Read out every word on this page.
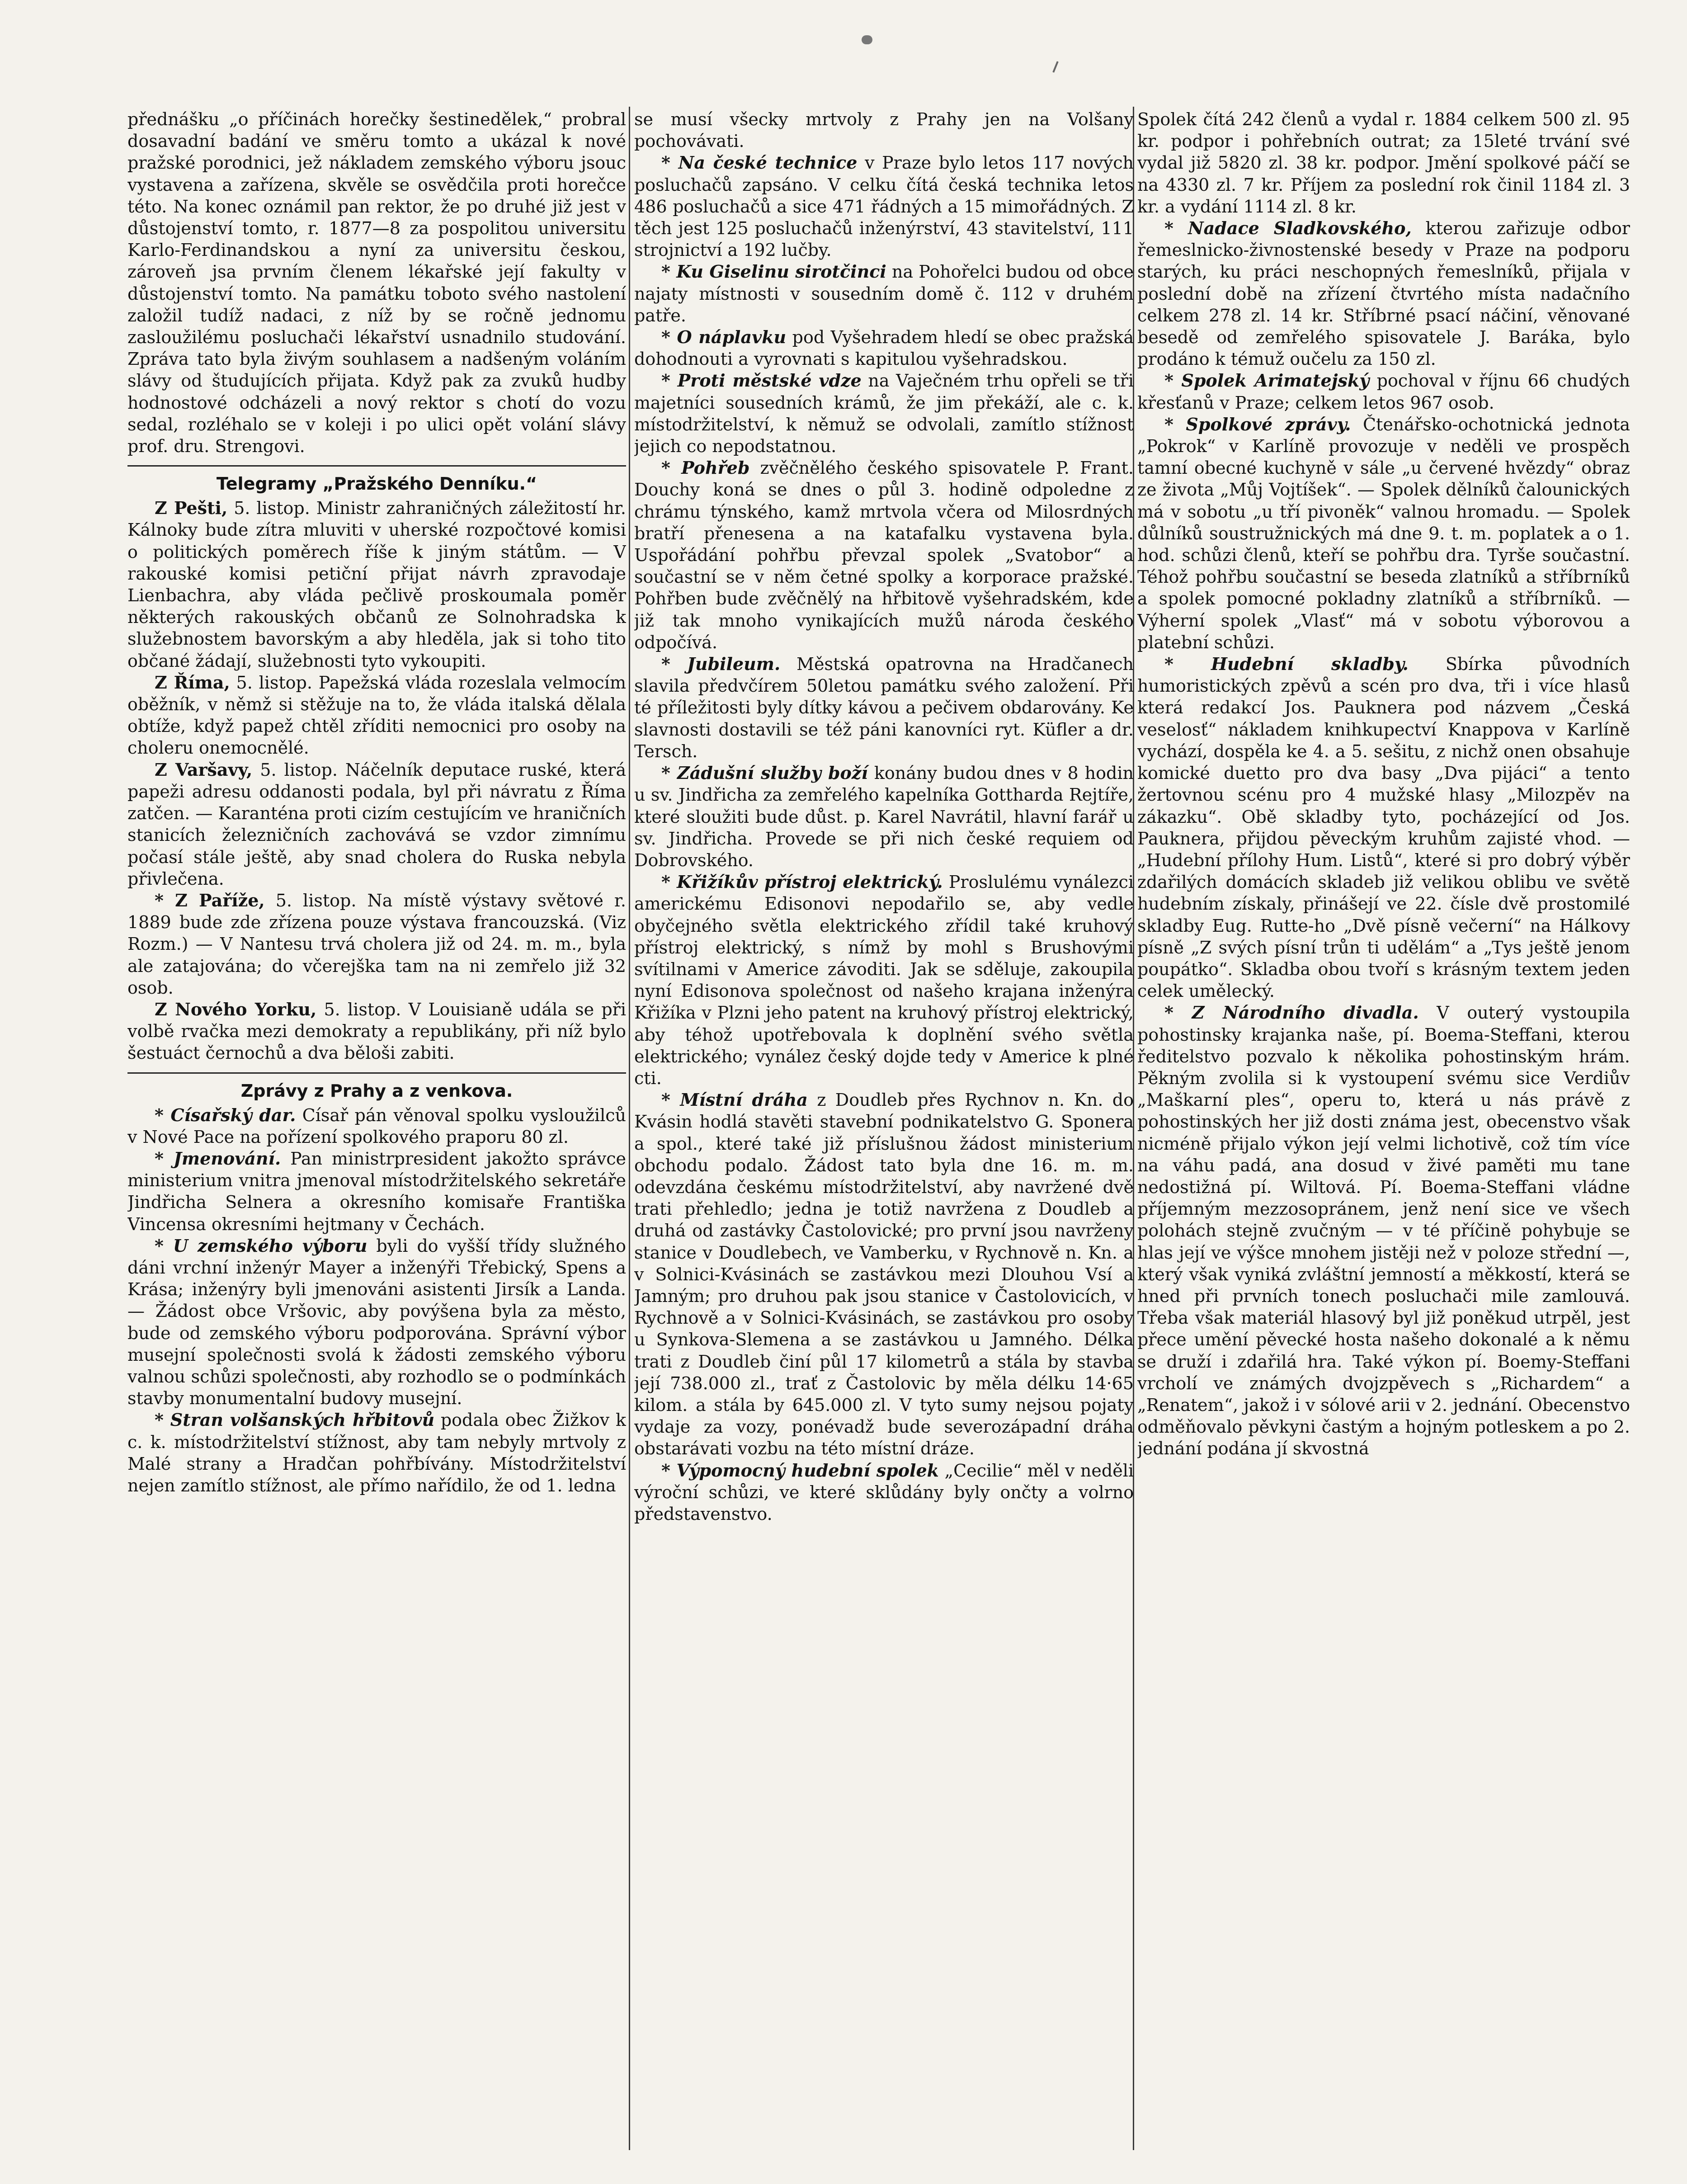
přednášku „o příčinách horečky šestinedělek,“ probral dosavadní badání ve směru tomto a ukázal k nové pražské porodnici, jež nákladem zemského výboru jsouc vystavena a zařízena, skvěle se osvědčila proti horečce této. Na konec oznámil pan rektor, že po druhé již jest v důstojenství tomto, r. 1877—8 za pospolitou universitu Karlo-Ferdinandskou a nyní za universitu českou, zároveň jsa prvním členem lékařské její fakulty v důstojenství tomto. Na památku toboto svého nastolení založil tudíž nadaci, z níž by se ročně jednomu zasloužilému posluchači lékařství usnadnilo studování. Zpráva tato byla živým souhlasem a nadšeným voláním slávy od študujících přijata. Když pak za zvuků hudby hodnostové odcházeli a nový rektor s chotí do vozu sedal, rozléhalo se v koleji i po ulici opět volání slávy prof. dru. Strengovi.

Telegramy „Pražského Denníku.“

Z Pešti, 5. listop. Ministr zahraničných záležitostí hr. Kálnoky bude zítra mluviti v uherské rozpočtové komisi o politických poměrech říše k jiným státům. — V rakouské komisi petiční přijat návrh zpravodaje Lienbachra, aby vláda pečlivě proskoumala poměr některých rakouských občanů ze Solnohradska k služebnostem bavorským a aby hleděla, jak si toho tito občané žádají, služebnosti tyto vykoupiti.

Z Říma, 5. listop. Papežská vláda rozeslala velmocím oběžník, v němž si stěžuje na to, že vláda italská dělala obtíže, když papež chtěl zříditi nemocnici pro osoby na choleru onemocnělé.

Z Varšavy, 5. listop. Náčelník deputace ruské, která papeži adresu oddanosti podala, byl při návratu z Říma zatčen. — Karanténa proti cizím cestujícím ve hraničních stanicích železničních zachovává se vzdor zimnímu počasí stále ještě, aby snad cholera do Ruska nebyla přivlečena.

* Z Paříže, 5. listop. Na místě výstavy světové r. 1889 bude zde zřízena pouze výstava francouzská. (Viz Rozm.) — V Nantesu trvá cholera již od 24. m. m., byla ale zatajována; do včerejška tam na ni zemřelo již 32 osob.

Z Nového Yorku, 5. listop. V Louisianě udála se při volbě rvačka mezi demokraty a republikány, při níž bylo šestuáct černochů a dva běloši zabiti.

Zprávy z Prahy a z venkova.

* Císařský dar. Císař pán věnoval spolku vysloužilců v Nové Pace na pořízení spolkového praporu 80 zl.

* Jmenování. Pan ministrpresident jakožto správce ministerium vnitra jmenoval místodržitelského sekretáře Jindřicha Selnera a okresního komisaře Františka Vincensa okresními hejtmany v Čechách.

* U zemského výboru byli do vyšší třídy služného dáni vrchní inženýr Mayer a inženýři Třebický, Spens a Krása; inženýry byli jmenováni asistenti Jirsík a Landa. — Žádost obce Vršovic, aby povýšena byla za město, bude od zemského výboru podporována. Správní výbor musejní společnosti svolá k žádosti zemského výboru valnou schůzi společnosti, aby rozhodlo se o podmínkách stavby monumentalní budovy musejní.

* Stran volšanských hřbitovů podala obec Žižkov k c. k. místodržitelství stížnost, aby tam nebyly mrtvoly z Malé strany a Hradčan pohřbívány. Místodržitelství nejen zamítlo stížnost, ale přímo nařídilo, že od 1. ledna

se musí všecky mrtvoly z Prahy jen na Volšany pochovávati.

* Na české technice v Praze bylo letos 117 nových posluchačů zapsáno. V celku čítá česká technika letos 486 posluchačů a sice 471 řádných a 15 mimořádných. Z těch jest 125 posluchačů inženýrství, 43 stavitelství, 111 strojnictví a 192 lučby.

* Ku Giselinu sirotčinci na Pohořelci budou od obce najaty místnosti v sousedním domě č. 112 v druhém patře.

* O náplavku pod Vyšehradem hledí se obec pražská dohodnouti a vyrovnati s kapitulou vyšehradskou.

* Proti městské vdze na Vaječném trhu opřeli se tři majetníci sousedních krámů, že jim překáží, ale c. k. místodržitelství, k němuž se odvolali, zamítlo stížnost jejich co nepodstatnou.

* Pohřeb zvěčnělého českého spisovatele P. Frant. Douchy koná se dnes o půl 3. hodině odpoledne z chrámu týnského, kamž mrtvola včera od Milosrdných bratří přenesena a na katafalku vystavena byla. Uspořádání pohřbu převzal spolek „Svatobor“ a součastní se v něm četné spolky a korporace pražské. Pohřben bude zvěčnělý na hřbitově vyšehradském, kde již tak mnoho vynikajících mužů národa českého odpočívá.

* Jubileum. Městská opatrovna na Hradčanech slavila předvčírem 50letou památku svého založení. Při té příležitosti byly dítky kávou a pečivem obdarovány. Ke slavnosti dostavili se též páni kanovníci ryt. Küfler a dr. Tersch.

* Zádušní služby boží konány budou dnes v 8 hodin u sv. Jindřicha za zemřelého kapelníka Gottharda Rejtíře, které sloužiti bude důst. p. Karel Navrátil, hlavní farář u sv. Jindřicha. Provede se při nich české requiem od Dobrovského.

* Křižíkův přístroj elektrický. Proslulému vynálezci americkému Edisonovi nepodařilo se, aby vedle obyčejného světla elektrického zřídil také kruhový přístroj elektrický, s nímž by mohl s Brushovými svítilnami v Americe závoditi. Jak se sděluje, zakoupila nyní Edisonova společnost od našeho krajana inženýra Křižíka v Plzni jeho patent na kruhový přístroj elektrický, aby téhož upotřebovala k doplnění svého světla elektrického; vynález český dojde tedy v Americe k plné cti.

* Místní dráha z Doudleb přes Rychnov n. Kn. do Kvásin hodlá stavěti stavební podnikatelstvo G. Sponera a spol., které také již příslušnou žádost ministerium obchodu podalo. Žádost tato byla dne 16. m. m. odevzdána českému místodržitelství, aby navržené dvě trati přehledlo; jedna je totiž navržena z Doudleb a druhá od zastávky Častolovické; pro první jsou navrženy stanice v Doudlebech, ve Vamberku, v Rychnově n. Kn. a v Solnici-Kvásinách se zastávkou mezi Dlouhou Vsí a Jamným; pro druhou pak jsou stanice v Častolovicích, v Rychnově a v Solnici-Kvásinách, se zastávkou pro osoby u Synkova-Slemena a se zastávkou u Jamného. Délka trati z Doudleb činí půl 17 kilometrů a stála by stavba její 738.000 zl., trať z Častolovic by měla délku 14·65 kilom. a stála by 645.000 zl. V tyto sumy nejsou pojaty vydaje za vozy, ponévadž bude severozápadní dráha obstarávati vozbu na této místní dráze.

* Výpomocný hudební spolek „Cecilie“ měl v neděli výroční schůzi, ve které sklůdány byly ončty a volrno představenstvo.

Spolek čítá 242 členů a vydal r. 1884 celkem 500 zl. 95 kr. podpor i pohřebních outrat; za 15leté trvání své vydal již 5820 zl. 38 kr. podpor. Jmění spolkové páčí se na 4330 zl. 7 kr. Příjem za poslední rok činil 1184 zl. 3 kr. a vydání 1114 zl. 8 kr.

* Nadace Sladkovského, kterou zařizuje odbor řemeslnicko-živnostenské besedy v Praze na podporu starých, ku práci neschopných řemeslníků, přijala v poslední době na zřízení čtvrtého místa nadačního celkem 278 zl. 14 kr. Stříbrné psací náčiní, věnované besedě od zemřelého spisovatele J. Baráka, bylo prodáno k témuž oučelu za 150 zl.

* Spolek Arimatejský pochoval v říjnu 66 chudých křesťanů v Praze; celkem letos 967 osob.

* Spolkové zprávy. Čtenářsko-ochotnická jednota „Pokrok“ v Karlíně provozuje v neděli ve prospěch tamní obecné kuchyně v sále „u červené hvězdy“ obraz ze života „Můj Vojtíšek“. — Spolek dělníků čalounických má v sobotu „u tří pivoněk“ valnou hromadu. — Spolek důlníků soustružnických má dne 9. t. m. poplatek a o 1. hod. schůzi členů, kteří se pohřbu drа. Tyrše součastní. Téhož pohřbu součastní se beseda zlatníků a stříbrníků a spolek pomocné pokladny zlatníků a stříbrníků. — Výherní spolek „Vlasť“ má v sobotu výborovou a platební schůzi.

* Hudební skladby. Sbírka původních humoristických zpěvů a scén pro dva, tři i více hlasů která redakcí Jos. Pauknera pod názvem „Česká veselosť“ nákladem knihkupectví Knappova v Karlíně vychází, dospěla ke 4. a 5. sešitu, z nichž onen obsahuje komické duetto pro dva basy „Dva pijáci“ a tento žertovnou scénu pro 4 mužské hlasy „Milozpěv na zákazku“. Obě skladby tyto, pocházející od Jos. Pauknera, přijdou pěveckým kruhům zajisté vhod. — „Hudební přílohy Hum. Listů“, které si pro dobrý výběr zdařilých domácích skladeb již velikou oblibu ve světě hudebním získaly, přinášejí ve 22. čísle dvě prostomilé skladby Eug. Rutte-ho „Dvě písně večerní“ na Hálkovy písně „Z svých písní trůn ti udělám“ a „Tys ještě jenom poupátko“. Skladba obou tvoří s krásným textem jeden celek umělecký.

* Z Národního divadla. V outerý vystoupila pohostinsky krajanka naše, pí. Boema-Steffani, kterou ředitelstvo pozvalo k několika pohostinským hrám. Pěkným zvolila si k vystoupení svému sice Verdiův „Maškarní ples“, operu to, která u nás právě z pohostinských her již dosti známa jest, obecenstvo však nicméně přijalo výkon její velmi lichotivě, což tím více na váhu padá, ana dosud v živé paměti mu tane nedostižná pí. Wiltová. Pí. Boema-Steffani vládne příjemným mezzosopránem, jenž není sice ve všech polohách stejně zvučným — v té příčině pohybuje se hlas její ve výšce mnohem jistěji než v poloze střední —, který však vyniká zvláštní jemností a měkkostí, která se hned při prvních tonech posluchači mile zamlouvá. Třeba však materiál hlasový byl již poněkud utrpěl, jest přece umění pěvecké hosta našeho dokonalé a k němu se druží i zdařilá hra. Také výkon pí. Boemy-Steffani vrcholí ve známých dvojzpěvech s „Richardem“ a „Renatem“, jakož i v sólové arii v 2. jednání. Obecenstvo odměňovalo pěvkyni častým a hojným potleskem a po 2. jednání podána jí skvostná
